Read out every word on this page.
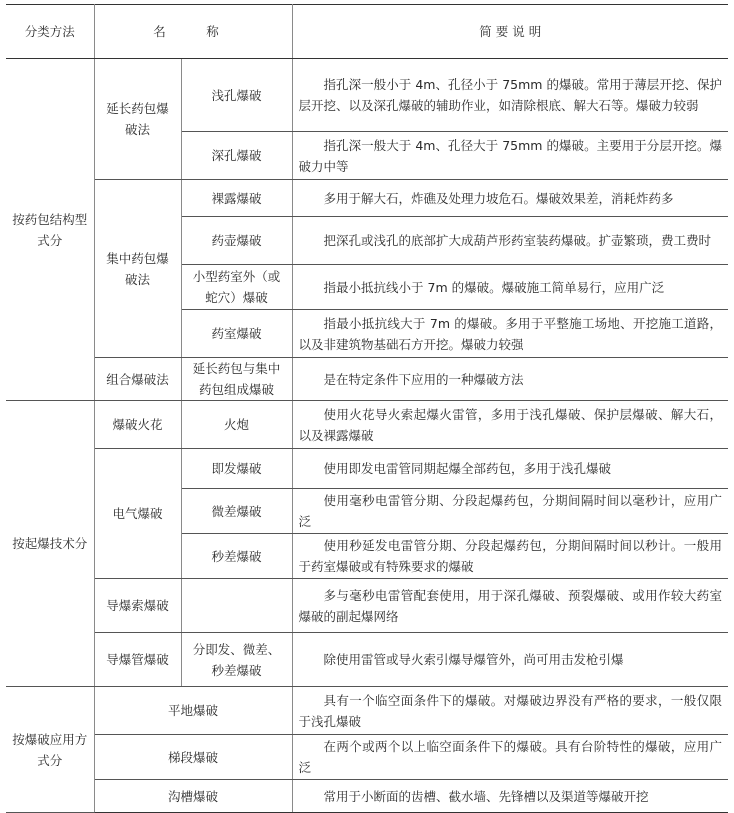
分类方法	名　称		简 要 说 明
按药包结构型式分	延长药包爆破法	浅孔爆破	指孔深一般小于 4m、孔径小于 75mm 的爆破。常用于薄层开挖、保护层开挖、以及深孔爆破的辅助作业，如清除根底、解大石等。爆破力较弱
		深孔爆破	指孔深一般大于 4m、孔径大于 75mm 的爆破。主要用于分层开挖。爆破力中等
	集中药包爆破法	裸露爆破	多用于解大石，炸礁及处理力坡危石。爆破效果差，消耗炸药多
		药壶爆破	把深孔或浅孔的底部扩大成葫芦形药室装药爆破。扩壶繁琐，费工费时
		小型药室外（或蛇穴）爆破	指最小抵抗线小于 7m 的爆破。爆破施工简单易行，应用广泛
		药室爆破	指最小抵抗线大于 7m 的爆破。多用于平整施工场地、开挖施工道路，以及非建筑物基础石方开挖。爆破力较强
	组合爆破法	延长药包与集中药包组成爆破	是在特定条件下应用的一种爆破方法
按起爆技术分	爆破火花	火炮	使用火花导火索起爆火雷管，多用于浅孔爆破、保护层爆破、解大石，以及裸露爆破
	电气爆破	即发爆破	使用即发电雷管同期起爆全部药包，多用于浅孔爆破
		微差爆破	使用毫秒电雷管分期、分段起爆药包，分期间隔时间以毫秒计，应用广泛
		秒差爆破	使用秒延发电雷管分期、分段起爆药包，分期间隔时间以秒计。一般用于药室爆破或有特殊要求的爆破
	导爆索爆破		多与毫秒电雷管配套使用，用于深孔爆破、预裂爆破、或用作较大药室爆破的副起爆网络
	导爆管爆破	分即发、微差、秒差爆破	除使用雷管或导火索引爆导爆管外，尚可用击发枪引爆
按爆破应用方式分	平地爆破		具有一个临空面条件下的爆破。对爆破边界没有严格的要求，一般仅限于浅孔爆破
	梯段爆破		在两个或两个以上临空面条件下的爆破。具有台阶特性的爆破，应用广泛
	沟槽爆破		常用于小断面的齿槽、截水墙、先锋槽以及渠道等爆破开挖
